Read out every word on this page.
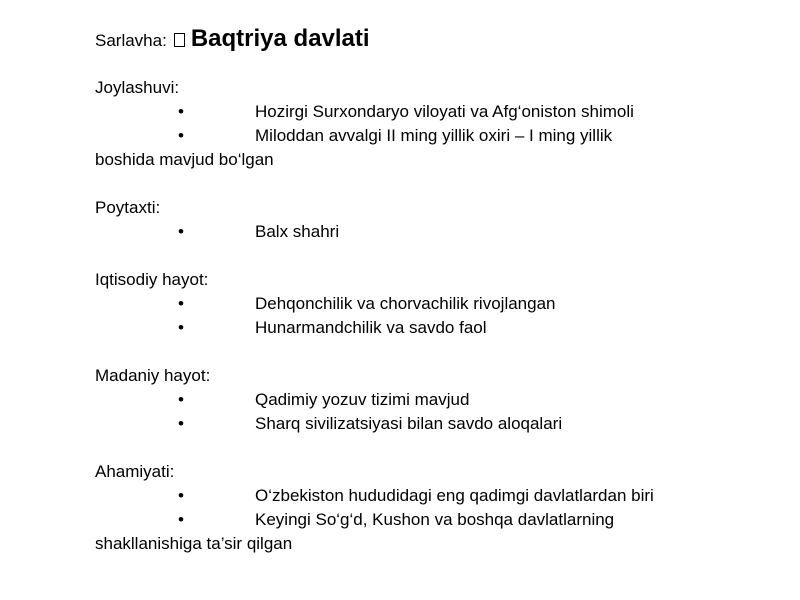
Sarlavha: Baqtriya davlati
Joylashuvi:
•	Hozirgi Surxondaryo viloyati va Afg‘oniston shimoli
•	Miloddan avvalgi II ming yillik oxiri – I ming yillik
boshida mavjud bo‘lgan
Poytaxti:
•	Balx shahri
Iqtisodiy hayot:
•	Dehqonchilik va chorvachilik rivojlangan
•	Hunarmandchilik va savdo faol
Madaniy hayot:
•	Qadimiy yozuv tizimi mavjud
•	Sharq sivilizatsiyasi bilan savdo aloqalari
Ahamiyati:
•	O‘zbekiston hududidagi eng qadimgi davlatlardan biri
•	Keyingi So‘g‘d, Kushon va boshqa davlatlarning
shakllanishiga ta’sir qilgan
